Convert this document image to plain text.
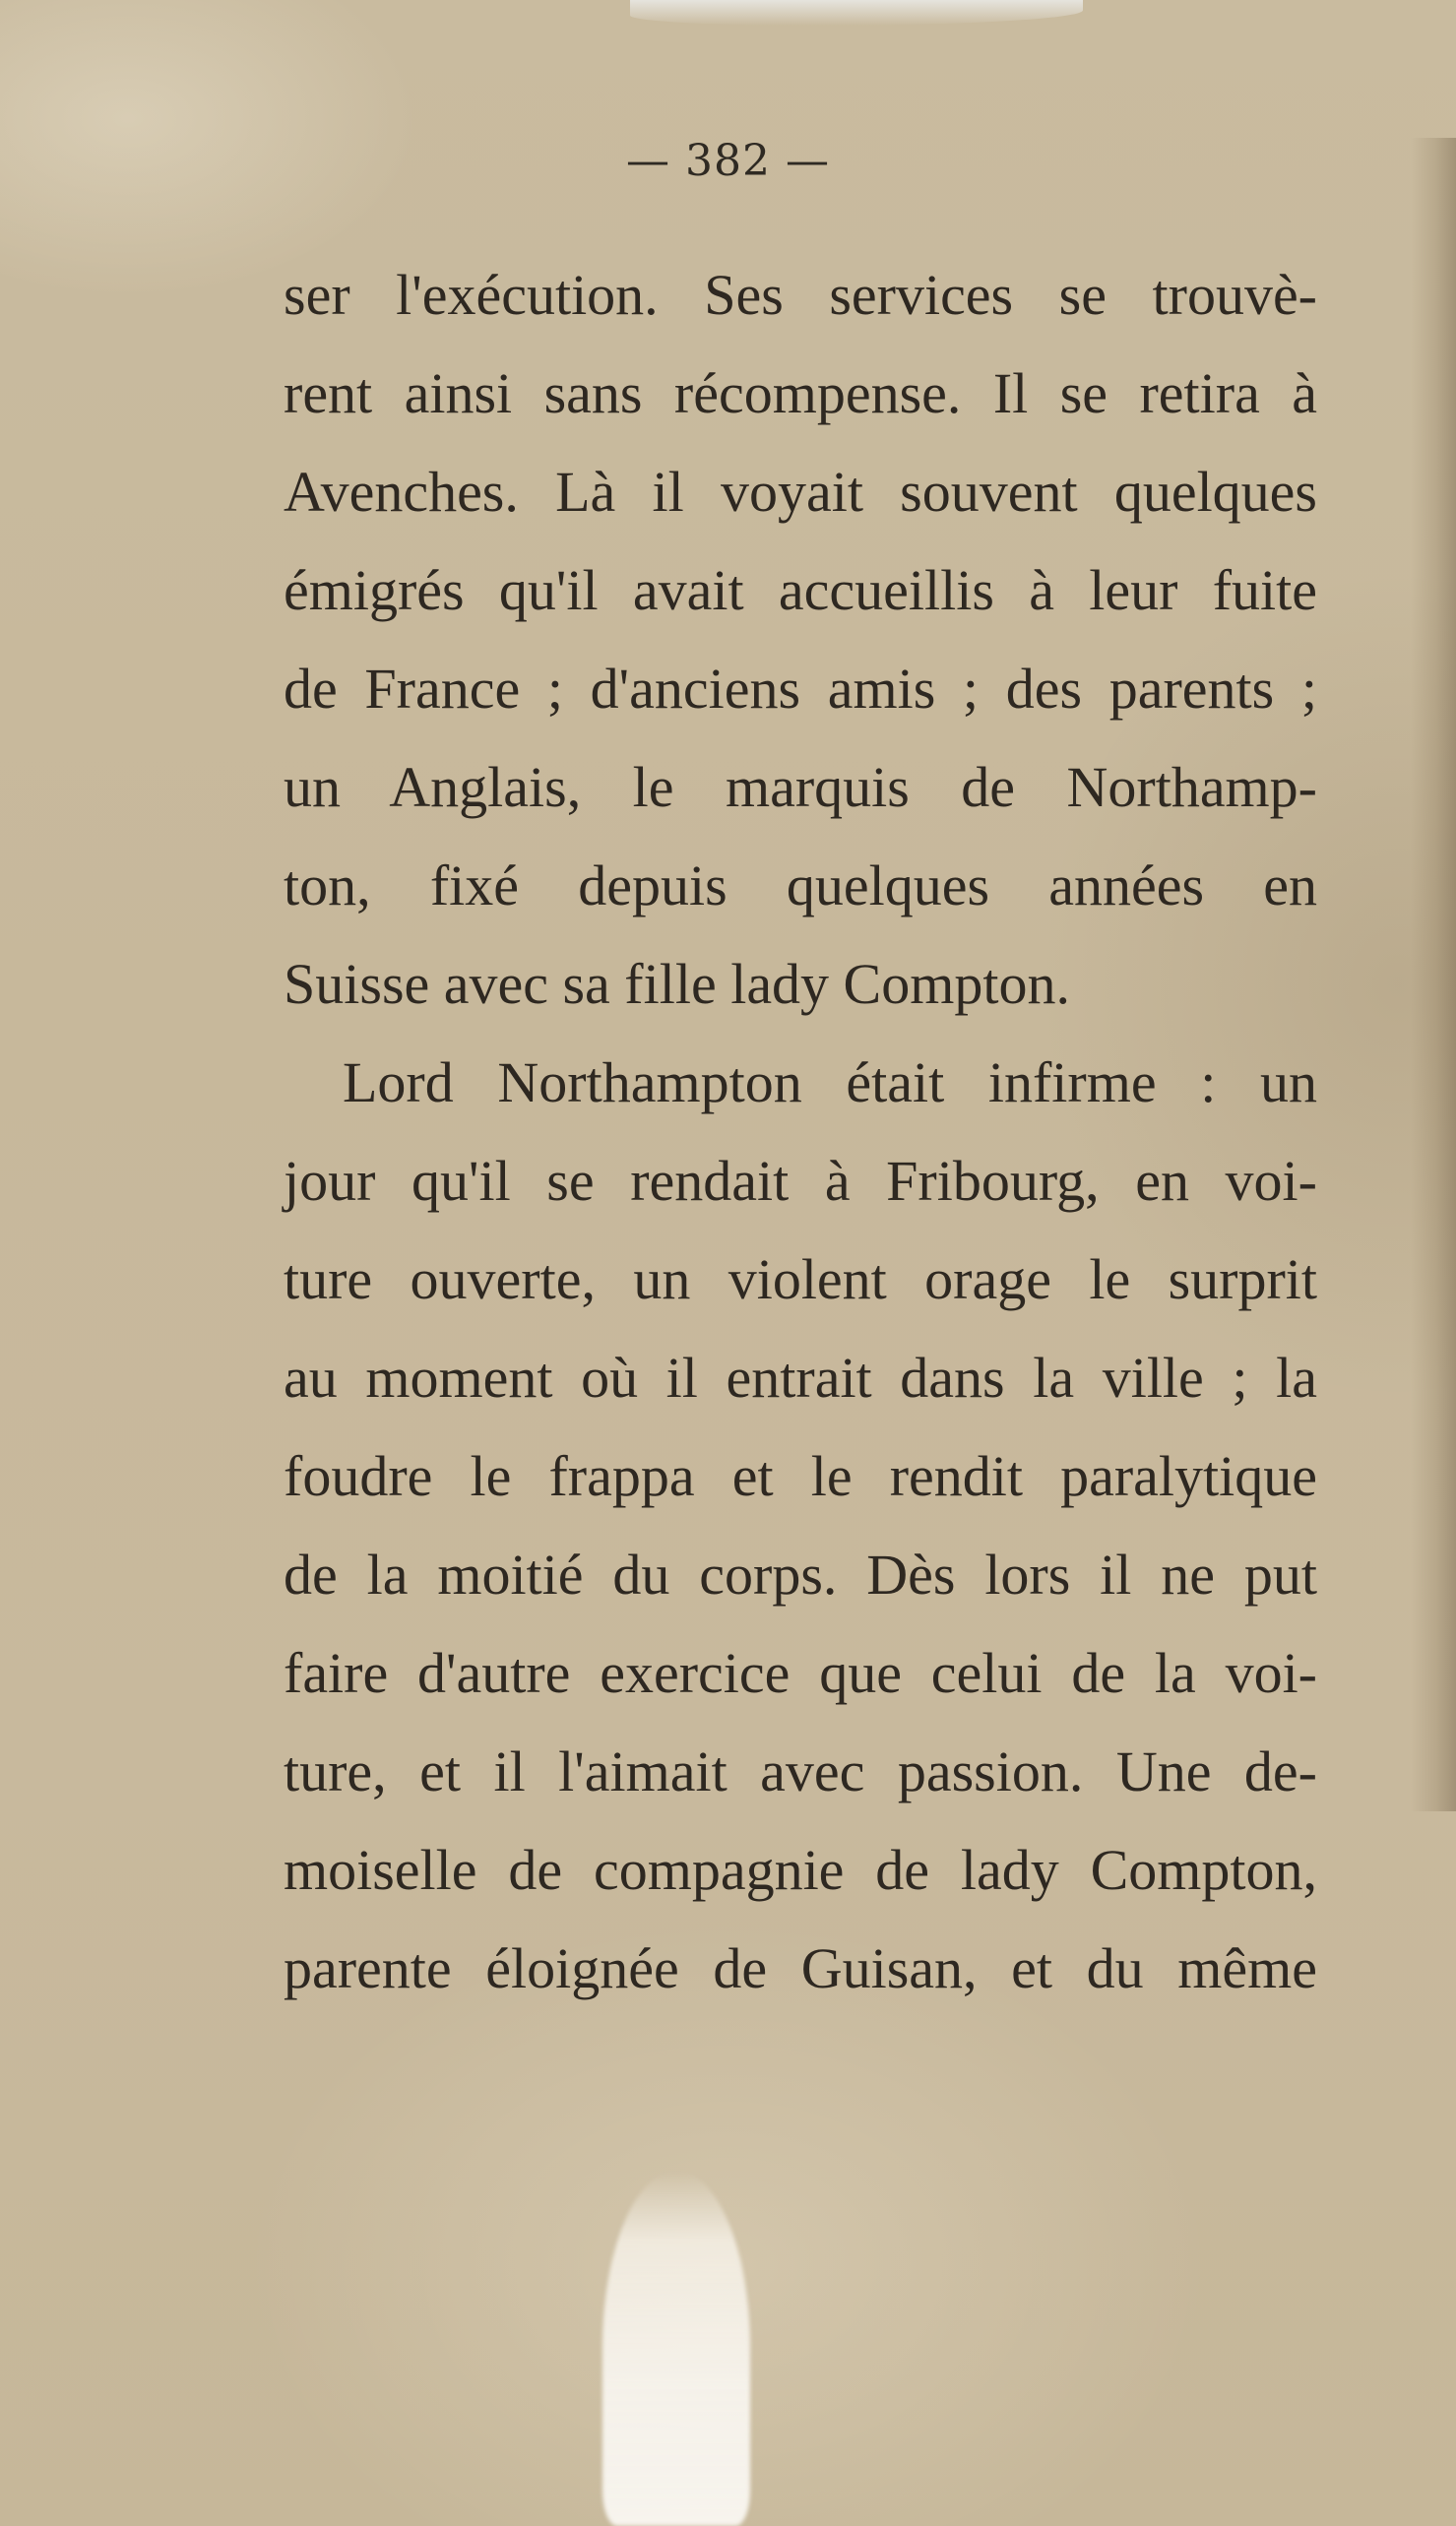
— 382 —
ser l'exécution. Ses services se trouvè-
rent ainsi sans récompense. Il se retira à
Avenches. Là il voyait souvent quelques
émigrés qu'il avait accueillis à leur fuite
de France ; d'anciens amis ; des parents ;
un Anglais, le marquis de Northamp-
ton, fixé depuis quelques années en
Suisse avec sa fille lady Compton.
Lord Northampton était infirme : un
jour qu'il se rendait à Fribourg, en voi-
ture ouverte, un violent orage le surprit
au moment où il entrait dans la ville ; la
foudre le frappa et le rendit paralytique
de la moitié du corps. Dès lors il ne put
faire d'autre exercice que celui de la voi-
ture, et il l'aimait avec passion. Une de-
moiselle de compagnie de lady Compton,
parente éloignée de Guisan, et du même
